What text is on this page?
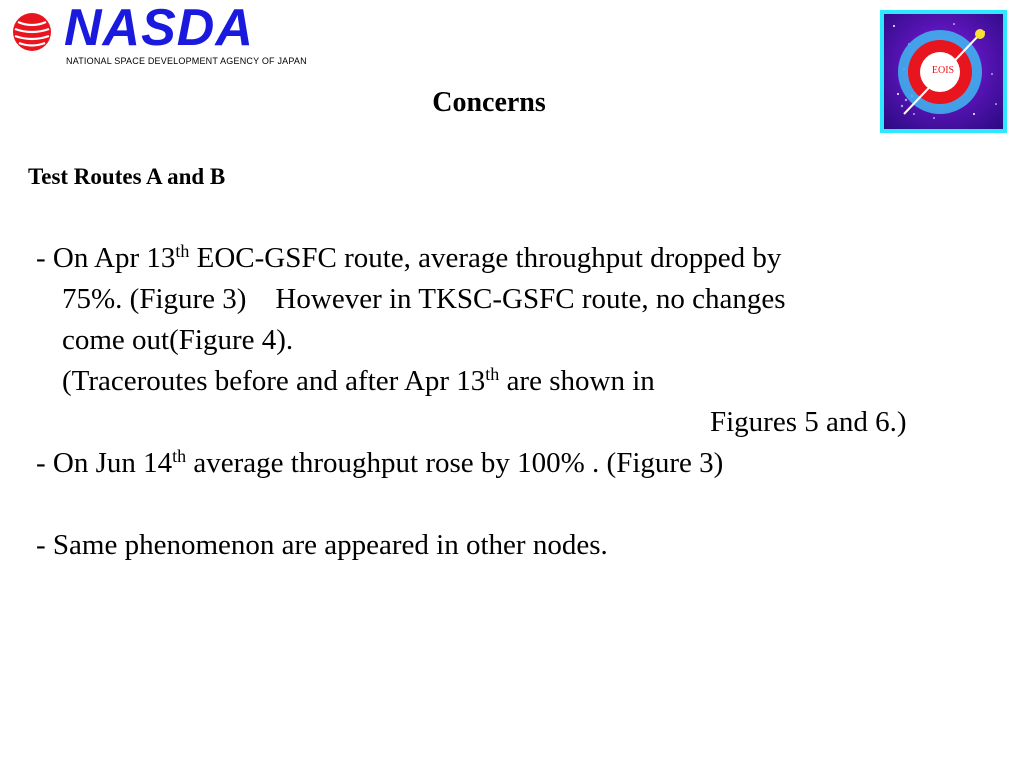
NASDA
NATIONAL SPACE DEVELOPMENT AGENCY OF JAPAN
EOIS
Concerns
Test Routes A and B
- On Apr 13th EOC-GSFC route, average throughput dropped by
75%. (Figure 3)    However in TKSC-GSFC route, no changes
come out(Figure 4).
(Traceroutes before and after Apr 13th are shown in
Figures 5 and 6.)
- On Jun 14th average throughput rose by 100% . (Figure 3)
- Same phenomenon are appeared in other nodes.
